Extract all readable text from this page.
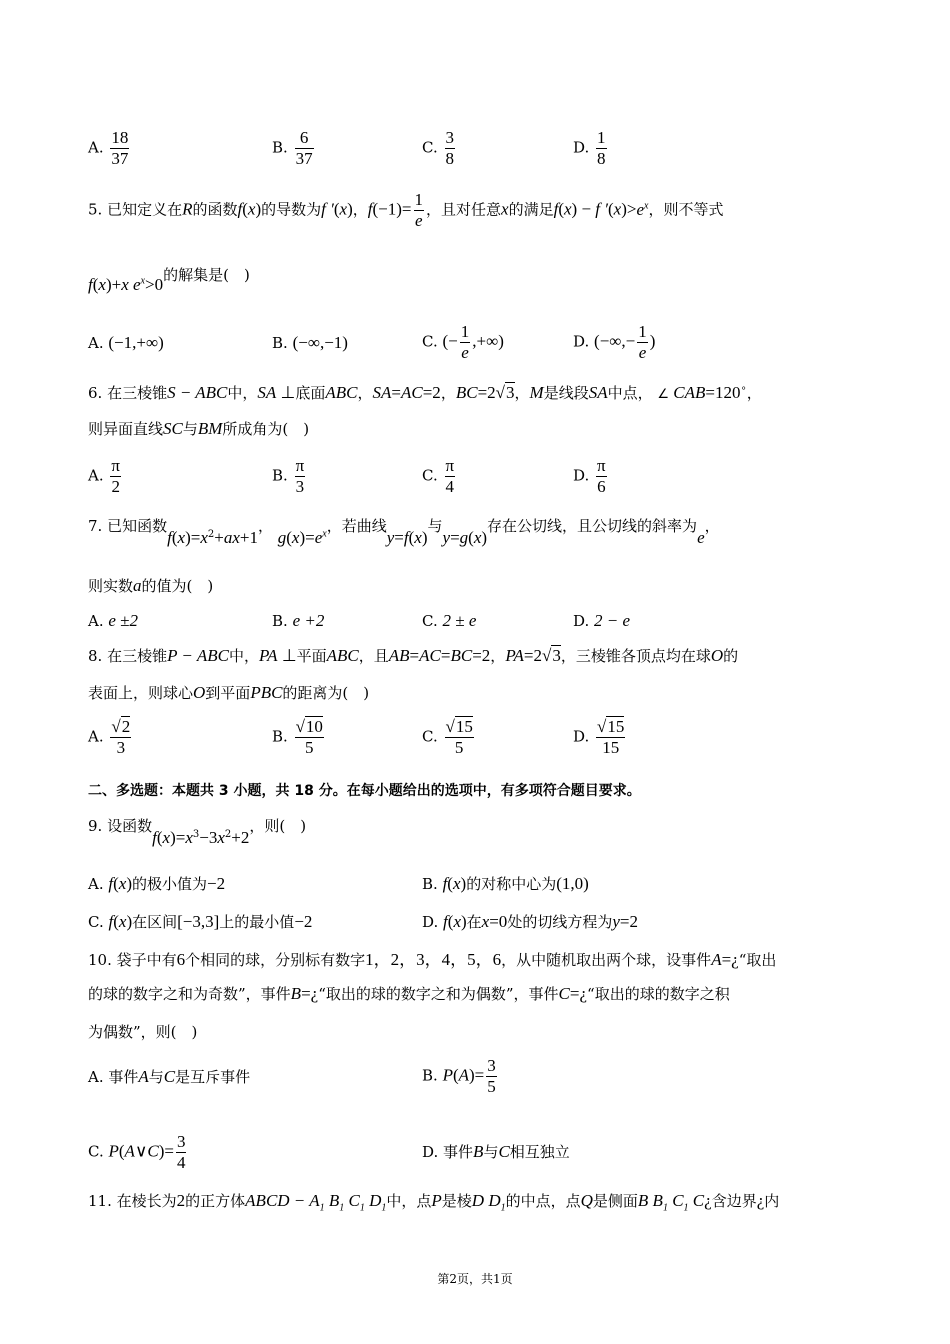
A. $\frac{18}{37}$	B. $\frac{6}{37}$	C. $\frac{3}{8}$	D. $\frac{1}{8}$
5. 已知定义在R的函数f(x)的导数为f ′(x)，$f(-1)= \frac{1}{e}$ ，且对任意x的满足f(x) − f $'(x)>e^x$，则不等式
f(x)+x $e^x>0$的解集是(　)
A. (−1,+∞)	B. (−∞,−1)	C. (− $\frac{1}{e}$ ,+∞)	D. (−∞,− $\frac{1}{e}$ )
6. 在三棱锥S − ABC中，SA ⊥底面ABC，SA=AC=2，BC=2√3，M是线段SA中点， ∠ CAB=120∘，
则异面直线SC与BM所成角为(　)
A. $\frac{\pi}{2}$	B. $\frac{\pi}{3}$	C. $\frac{\pi}{4}$	D. $\frac{\pi}{6}$
7. 已知函数$f(x)=x^2+ax+1$， $g(x)=e^x$，若曲线y=f(x)与y=g(x)存在公切线，且公切线的斜率为e，
则实数a的值为(　)
A. e ±2	B. e +2	C. 2 ± e	D. 2 − e
8. 在三棱锥P − ABC中，PA ⊥平面ABC，且AB=AC=BC=2，PA=2√3，三棱锥各顶点均在球O的
表面上，则球心O到平面PBC的距离为(　)
A. $\frac{√2}{3}$	B. $\frac{√10}{5}$	C. $\frac{√15}{5}$	D. $\frac{√15}{15}$
二、多选题：本题共 3 小题，共 18 分。在每小题给出的选项中，有多项符合题目要求。
9. 设函数$f(x)=x^3-3x^2+2$，则(　)
A. f(x)的极小值为−2	B. f(x)的对称中心为(1,0)
C. f(x)在区间[−3,3]上的最小值−2	D. f(x)在x=0处的切线方程为y=2
10. 袋子中有6个相同的球，分别标有数字1，2，3，4，5，6，从中随机取出两个球，设事件A=¿“取出
的球的数字之和为奇数”，事件B=¿“取出的球的数字之和为偶数”，事件C=¿“取出的球的数字之积
为偶数”，则(　)
A. 事件A与C是互斥事件	B. $P(A)= \frac{3}{5}$
C. P(A∨C)= $\frac{3}{4}$	D. 事件B与C相互独立
11. 在棱长为2的正方体ABCD − $A_1$ $B_1$ $C_1$ $D_1$中，点P是棱D $D_1$的中点，点Q是侧面B $B_1$ $C_1$ C¿含边界¿内
第2页，共1页
